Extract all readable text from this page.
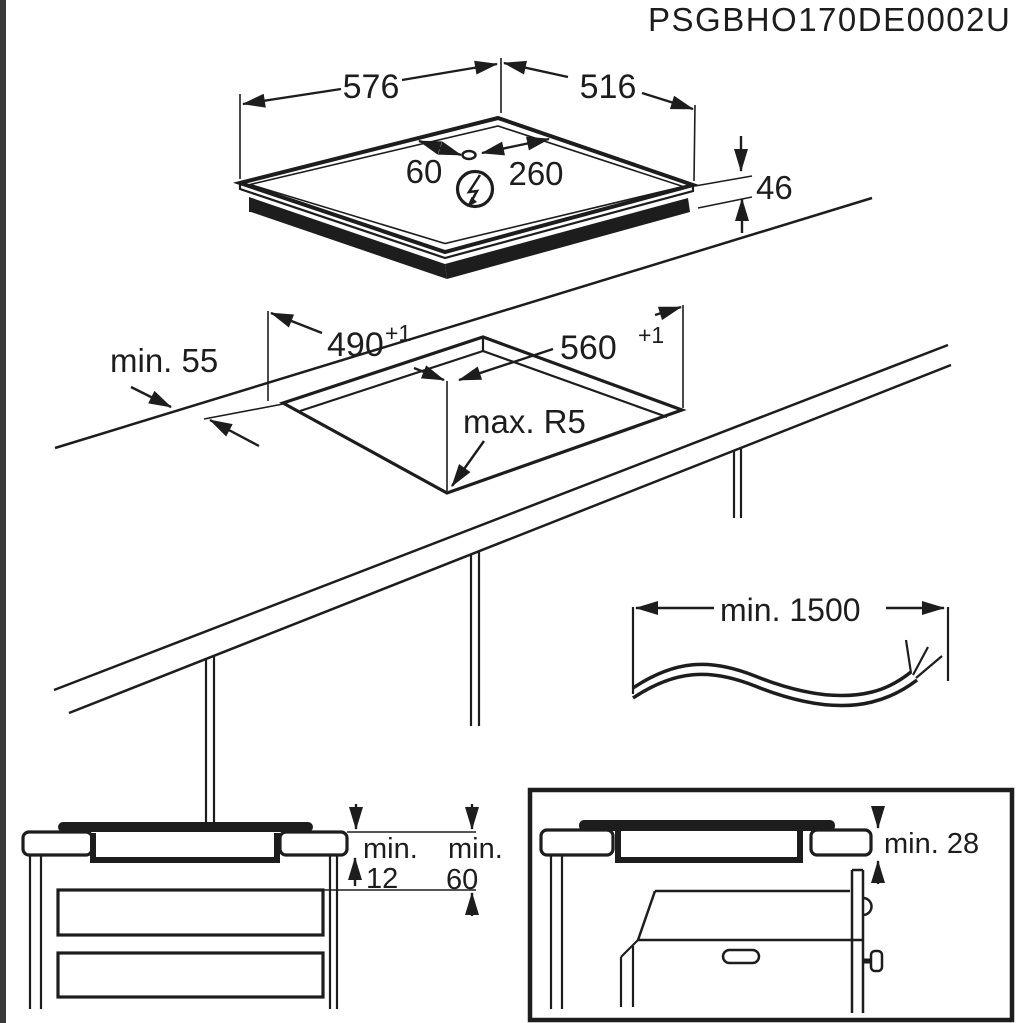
PSGBHO170DE0002U
576	516
60 260	46
490 +1	560 +1
min. 55
max. R5
min. 1500
min.
12
min.
60
min. 28
